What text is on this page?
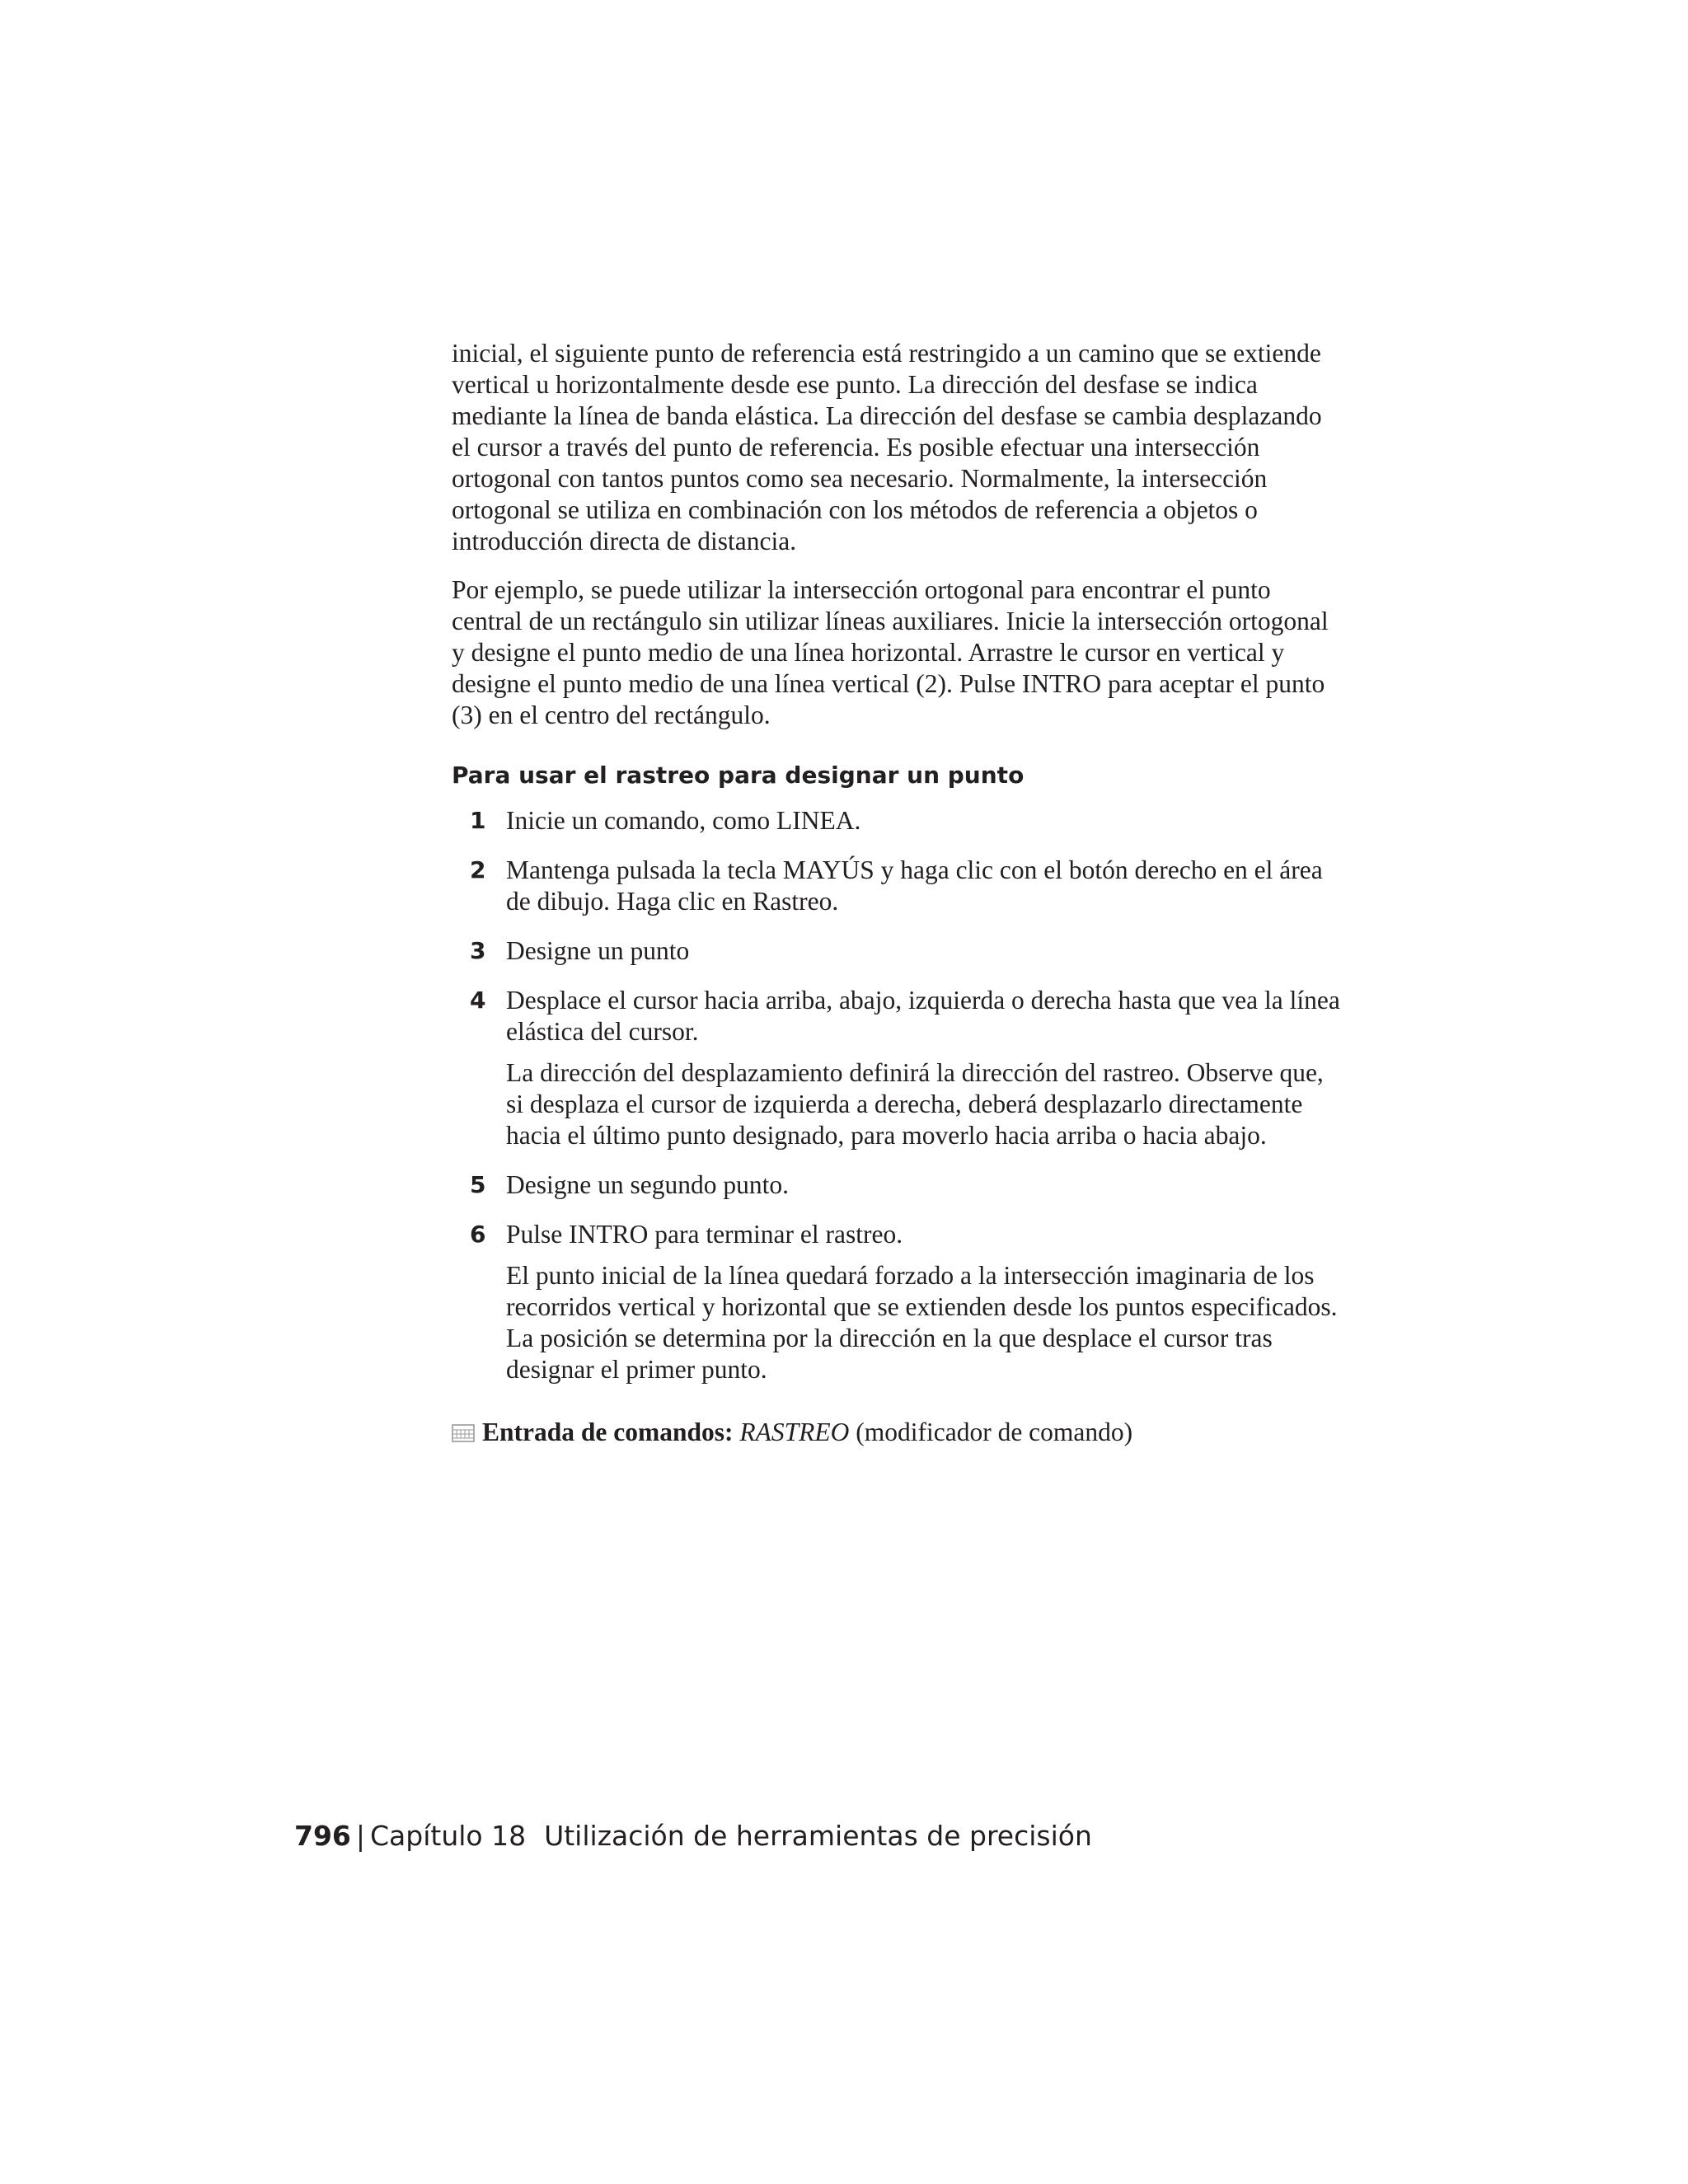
inicial, el siguiente punto de referencia está restringido a un camino que se extiende vertical u horizontalmente desde ese punto. La dirección del desfase se indica mediante la línea de banda elástica. La dirección del desfase se cambia desplazando el cursor a través del punto de referencia. Es posible efectuar una intersección ortogonal con tantos puntos como sea necesario. Normalmente, la intersección ortogonal se utiliza en combinación con los métodos de referencia a objetos o introducción directa de distancia.

Por ejemplo, se puede utilizar la intersección ortogonal para encontrar el punto central de un rectángulo sin utilizar líneas auxiliares. Inicie la intersección ortogonal y designe el punto medio de una línea horizontal. Arrastre le cursor en vertical y designe el punto medio de una línea vertical (2). Pulse INTRO para aceptar el punto (3) en el centro del rectángulo.

Para usar el rastreo para designar un punto
1 Inicie un comando, como LINEA.
2 Mantenga pulsada la tecla MAYÚS y haga clic con el botón derecho en el área de dibujo. Haga clic en Rastreo.
3 Designe un punto
4 Desplace el cursor hacia arriba, abajo, izquierda o derecha hasta que vea la línea elástica del cursor.
La dirección del desplazamiento definirá la dirección del rastreo. Observe que, si desplaza el cursor de izquierda a derecha, deberá desplazarlo directamente hacia el último punto designado, para moverlo hacia arriba o hacia abajo.
5 Designe un segundo punto.
6 Pulse INTRO para terminar el rastreo.
El punto inicial de la línea quedará forzado a la intersección imaginaria de los recorridos vertical y horizontal que se extienden desde los puntos especificados. La posición se determina por la dirección en la que desplace el cursor tras designar el primer punto.
Entrada de comandos: RASTREO (modificador de comando)
796 | Capítulo 18 Utilización de herramientas de precisión
